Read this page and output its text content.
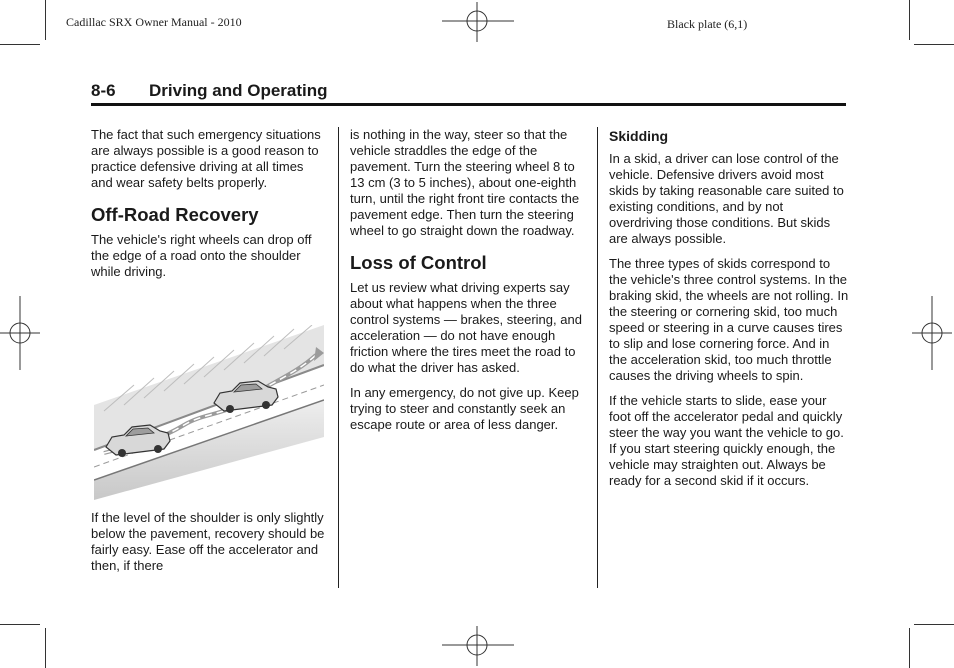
Cadillac SRX Owner Manual - 2010	Black plate (6,1)
8-6 Driving and Operating

The fact that such emergency situations are always possible is a good reason to practice defensive driving at all times and wear safety belts properly.

Off-Road Recovery

The vehicle's right wheels can drop off the edge of a road onto the shoulder while driving.

If the level of the shoulder is only slightly below the pavement, recovery should be fairly easy. Ease off the accelerator and then, if there

is nothing in the way, steer so that the vehicle straddles the edge of the pavement. Turn the steering wheel 8 to 13 cm (3 to 5 inches), about one-eighth turn, until the right front tire contacts the pavement edge. Then turn the steering wheel to go straight down the roadway.

Loss of Control

Let us review what driving experts say about what happens when the three control systems — brakes, steering, and acceleration — do not have enough friction where the tires meet the road to do what the driver has asked.

In any emergency, do not give up. Keep trying to steer and constantly seek an escape route or area of less danger.

Skidding

In a skid, a driver can lose control of the vehicle. Defensive drivers avoid most skids by taking reasonable care suited to existing conditions, and by not overdriving those conditions. But skids are always possible.

The three types of skids correspond to the vehicle's three control systems. In the braking skid, the wheels are not rolling. In the steering or cornering skid, too much speed or steering in a curve causes tires to slip and lose cornering force. And in the acceleration skid, too much throttle causes the driving wheels to spin.

If the vehicle starts to slide, ease your foot off the accelerator pedal and quickly steer the way you want the vehicle to go. If you start steering quickly enough, the vehicle may straighten out. Always be ready for a second skid if it occurs.
